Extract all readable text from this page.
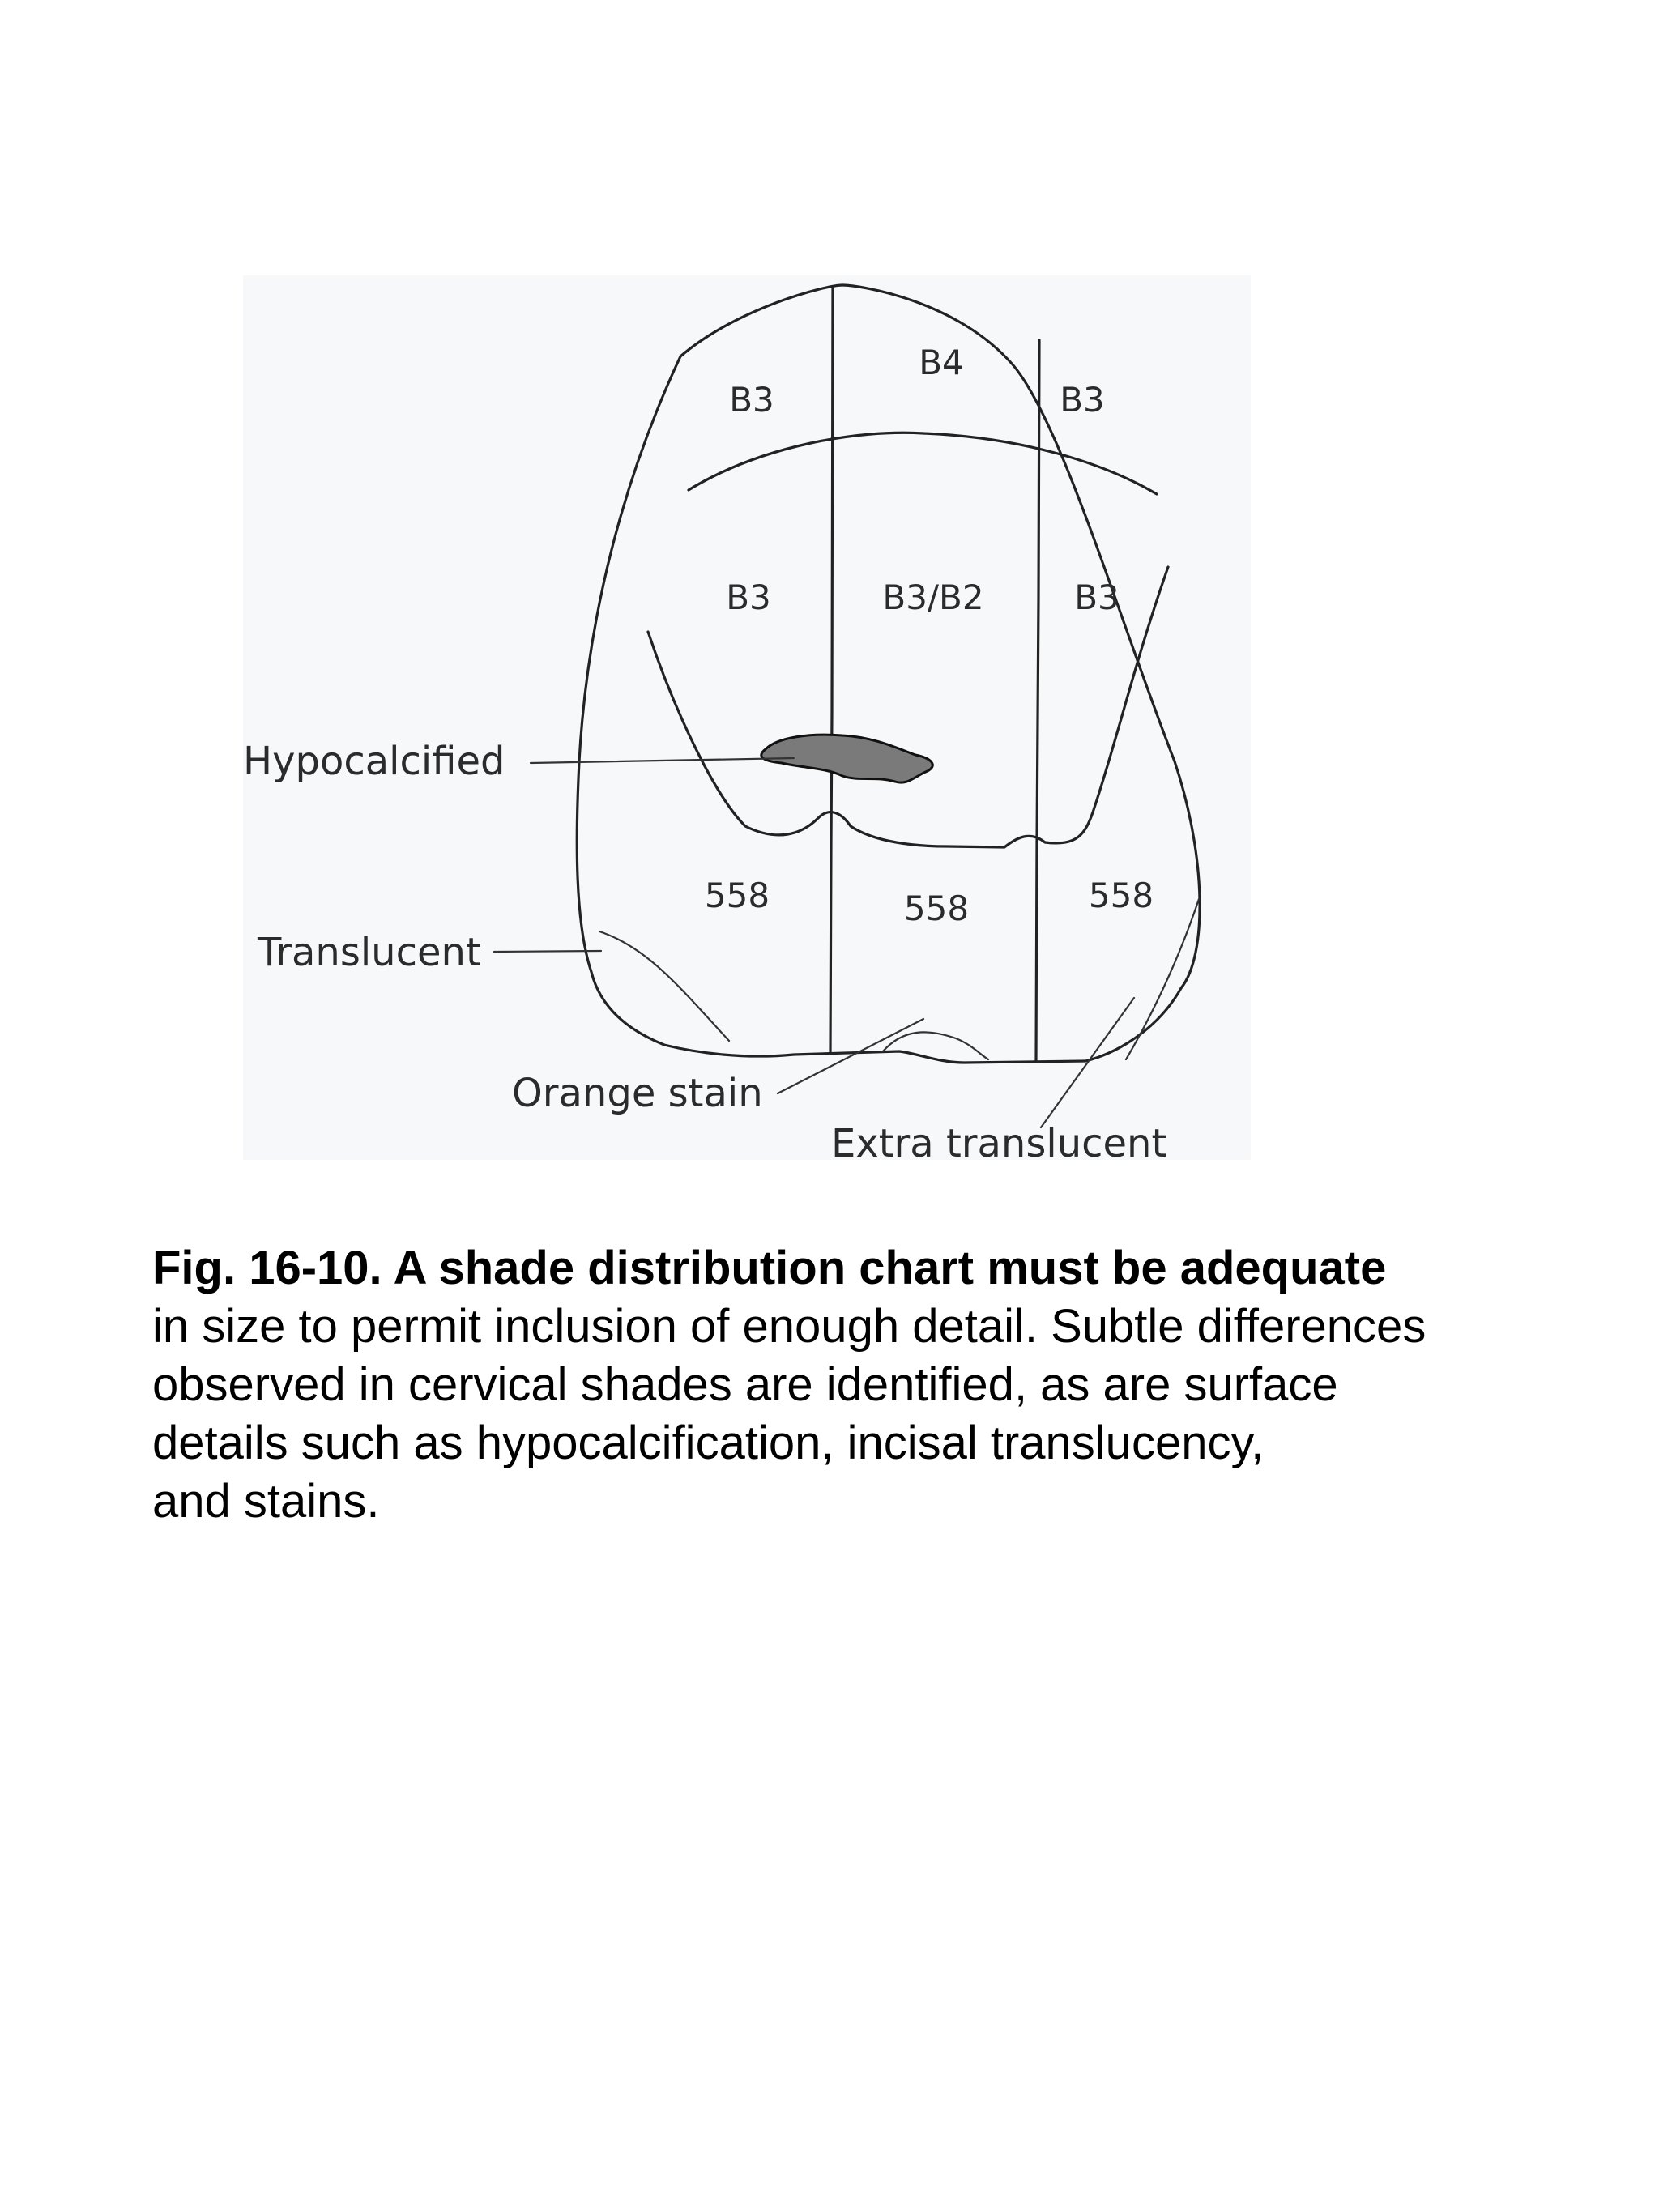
B3
B4
B3
B3	B3/B2	B3
558	558	558
Hypocalcified
Translucent
Orange stain
Extra translucent
Fig. 16-10. A shade distribution chart must be adequate
in size to permit inclusion of enough detail. Subtle differences
observed in cervical shades are identified, as are surface
details such as hypocalcification, incisal translucency,
and stains.
